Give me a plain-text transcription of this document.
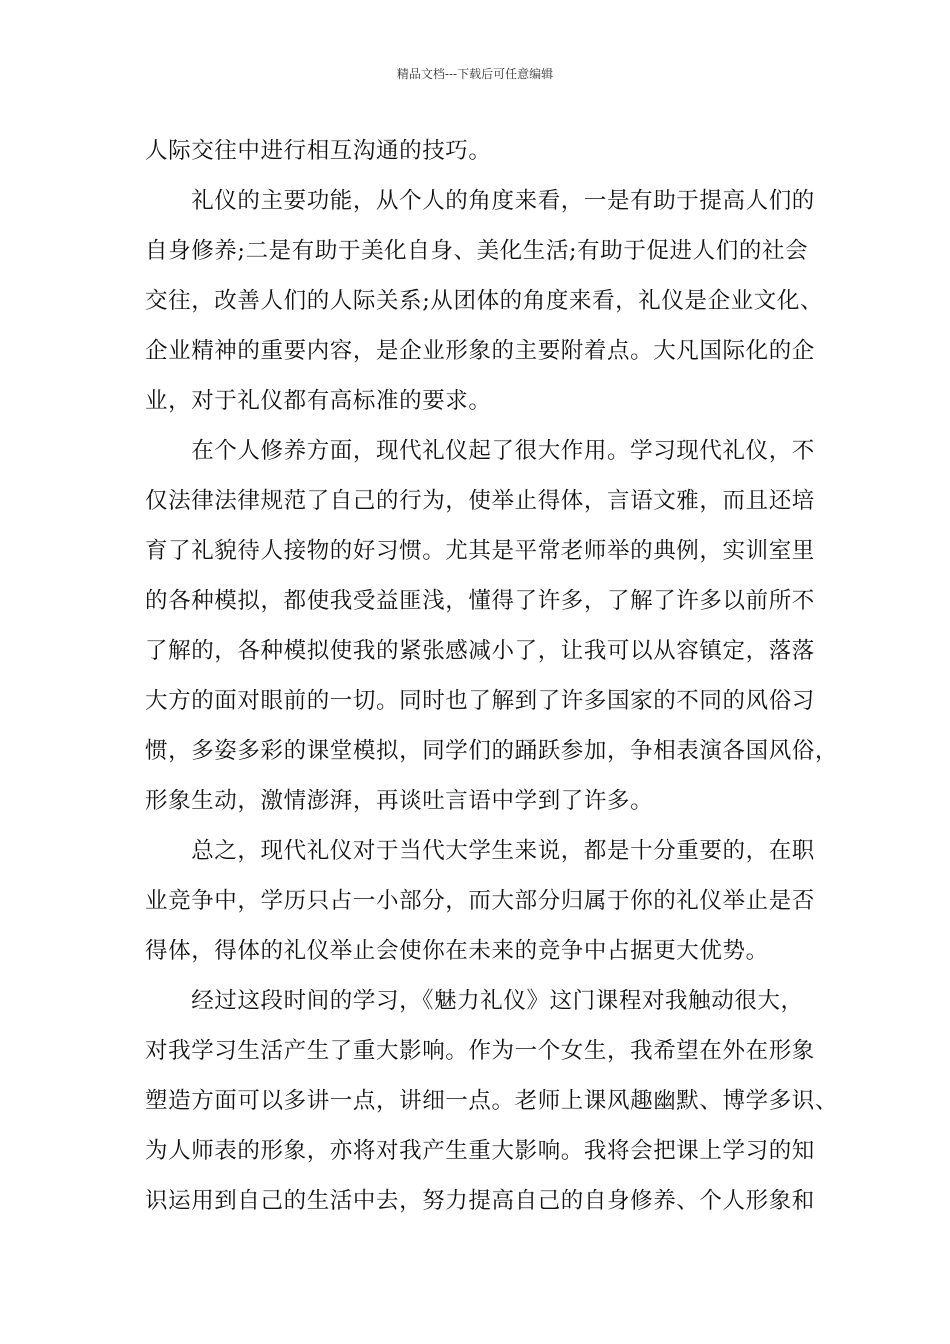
精品文档---下载后可任意编辑
人际交往中进行相互沟通的技巧。
　　礼仪的主要功能，从个人的角度来看，一是有助于提高人们的
自身修养;二是有助于美化自身、美化生活;有助于促进人们的社会
交往，改善人们的人际关系;从团体的角度来看，礼仪是企业文化、
企业精神的重要内容，是企业形象的主要附着点。大凡国际化的企
业，对于礼仪都有高标准的要求。
　　在个人修养方面，现代礼仪起了很大作用。学习现代礼仪，不
仅法律法律规范了自己的行为，使举止得体，言语文雅，而且还培
育了礼貌待人接物的好习惯。尤其是平常老师举的典例，实训室里
的各种模拟，都使我受益匪浅，懂得了许多，了解了许多以前所不
了解的，各种模拟使我的紧张感减小了，让我可以从容镇定，落落
大方的面对眼前的一切。同时也了解到了许多国家的不同的风俗习
惯，多姿多彩的课堂模拟，同学们的踊跃参加，争相表演各国风俗，
形象生动，激情澎湃，再谈吐言语中学到了许多。
　　总之，现代礼仪对于当代大学生来说，都是十分重要的，在职
业竞争中，学历只占一小部分，而大部分归属于你的礼仪举止是否
得体，得体的礼仪举止会使你在未来的竞争中占据更大优势。
　　经过这段时间的学习，《魅力礼仪》这门课程对我触动很大，
对我学习生活产生了重大影响。作为一个女生，我希望在外在形象
塑造方面可以多讲一点，讲细一点。老师上课风趣幽默、博学多识、
为人师表的形象，亦将对我产生重大影响。我将会把课上学习的知
识运用到自己的生活中去，努力提高自己的自身修养、个人形象和
